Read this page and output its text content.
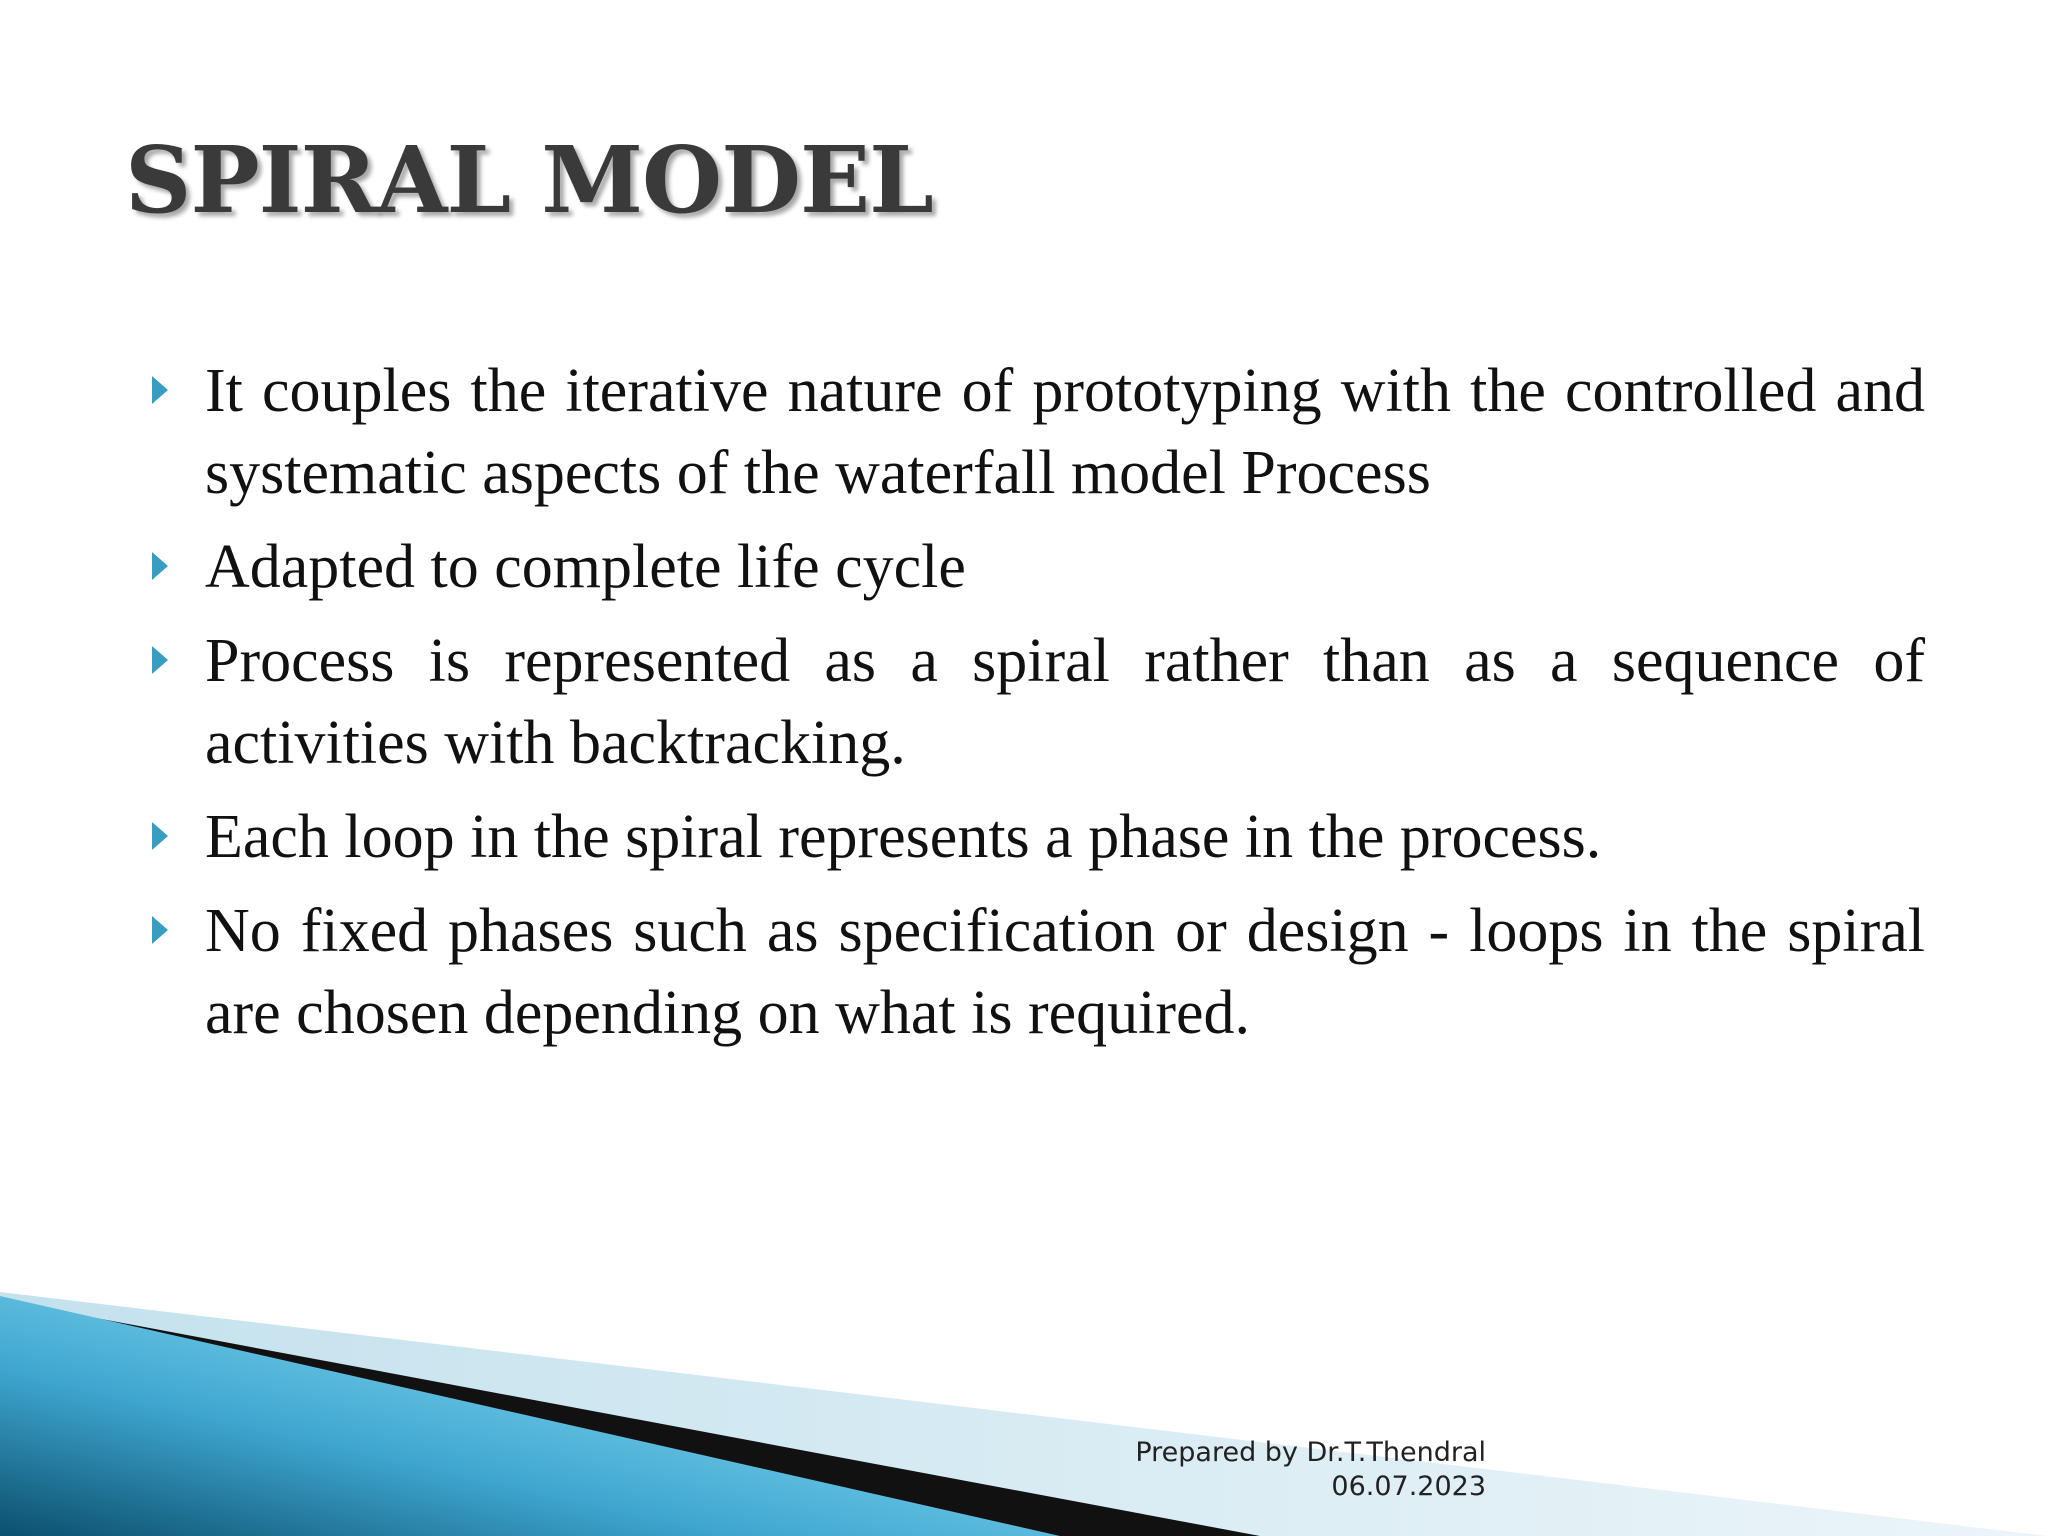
SPIRAL MODEL
It couples the iterative nature of prototyping with the controlled and systematic aspects of the waterfall model Process
Adapted to complete life cycle
Process is represented as a spiral rather than as a sequence of activities with backtracking.
Each loop in the spiral represents a phase in the process.
No fixed phases such as specification or design - loops in the spiral are chosen depending on what is required.
Prepared by Dr.T.Thendral
06.07.2023
